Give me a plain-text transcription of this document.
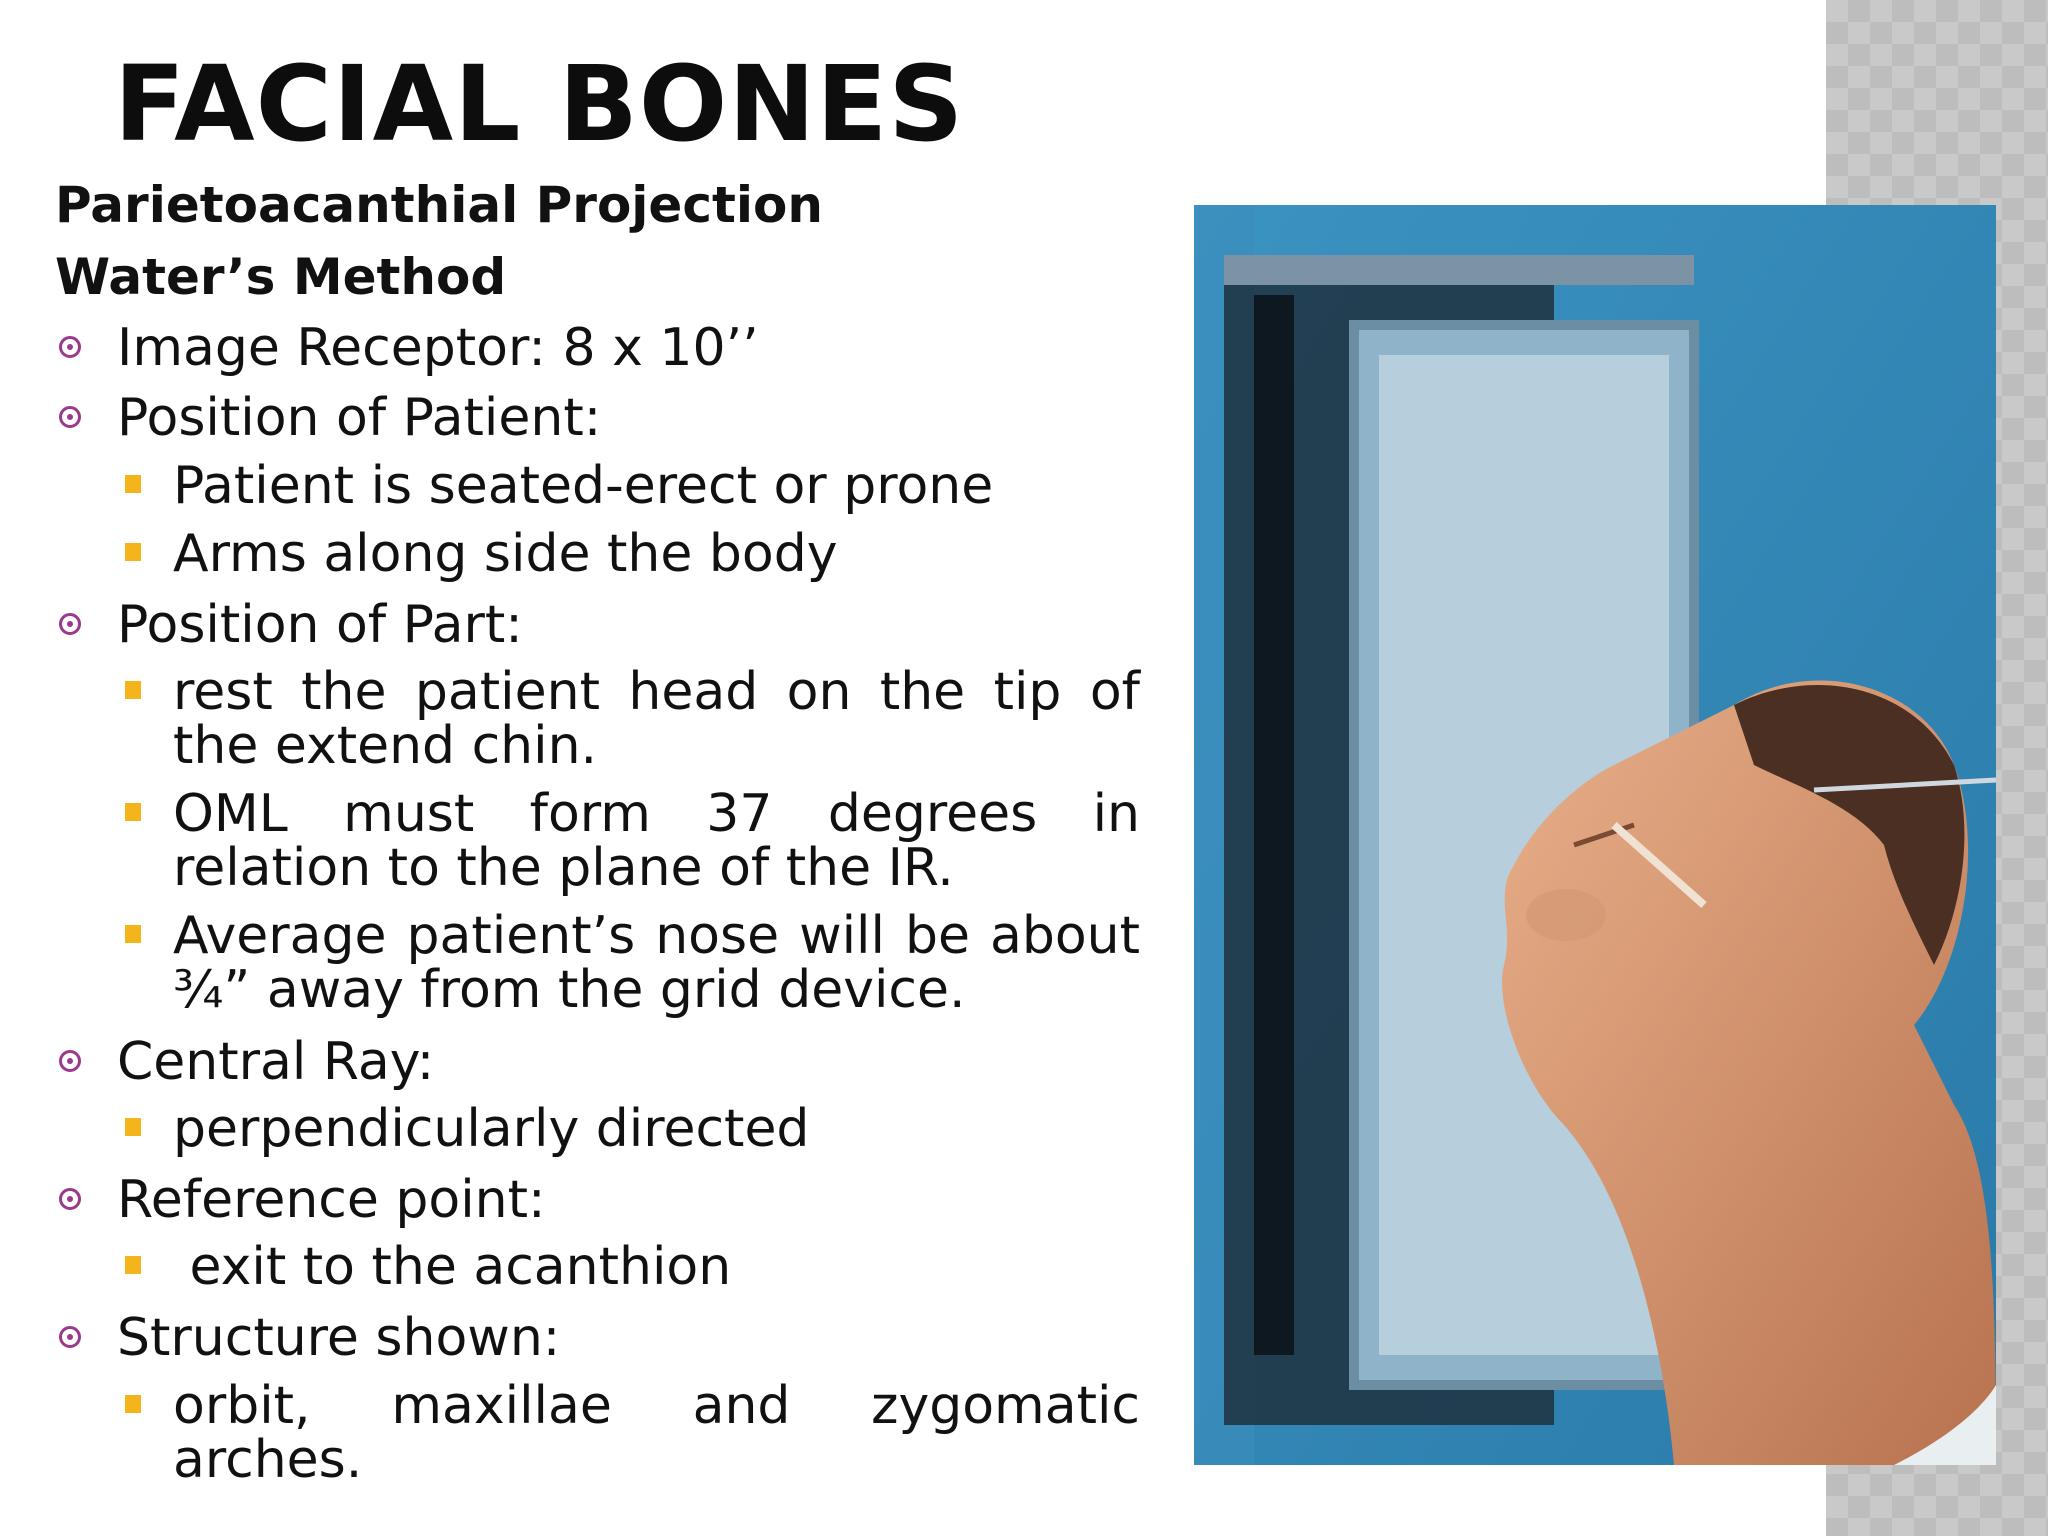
FACIAL BONES
Parietoacanthial Projection
Water’s Method
Image Receptor: 8 x 10’’
Position of Patient:
Patient is seated-erect or prone
Arms along side the body
Position of Part:
rest the patient head on the tip of the extend chin.
OML must form 37 degrees in relation to the plane of the IR.
Average patient’s nose will be about ¾” away from the grid device.
Central Ray:
perpendicularly directed
Reference point:
exit to the acanthion
Structure shown:
orbit, maxillae and zygomatic arches.
